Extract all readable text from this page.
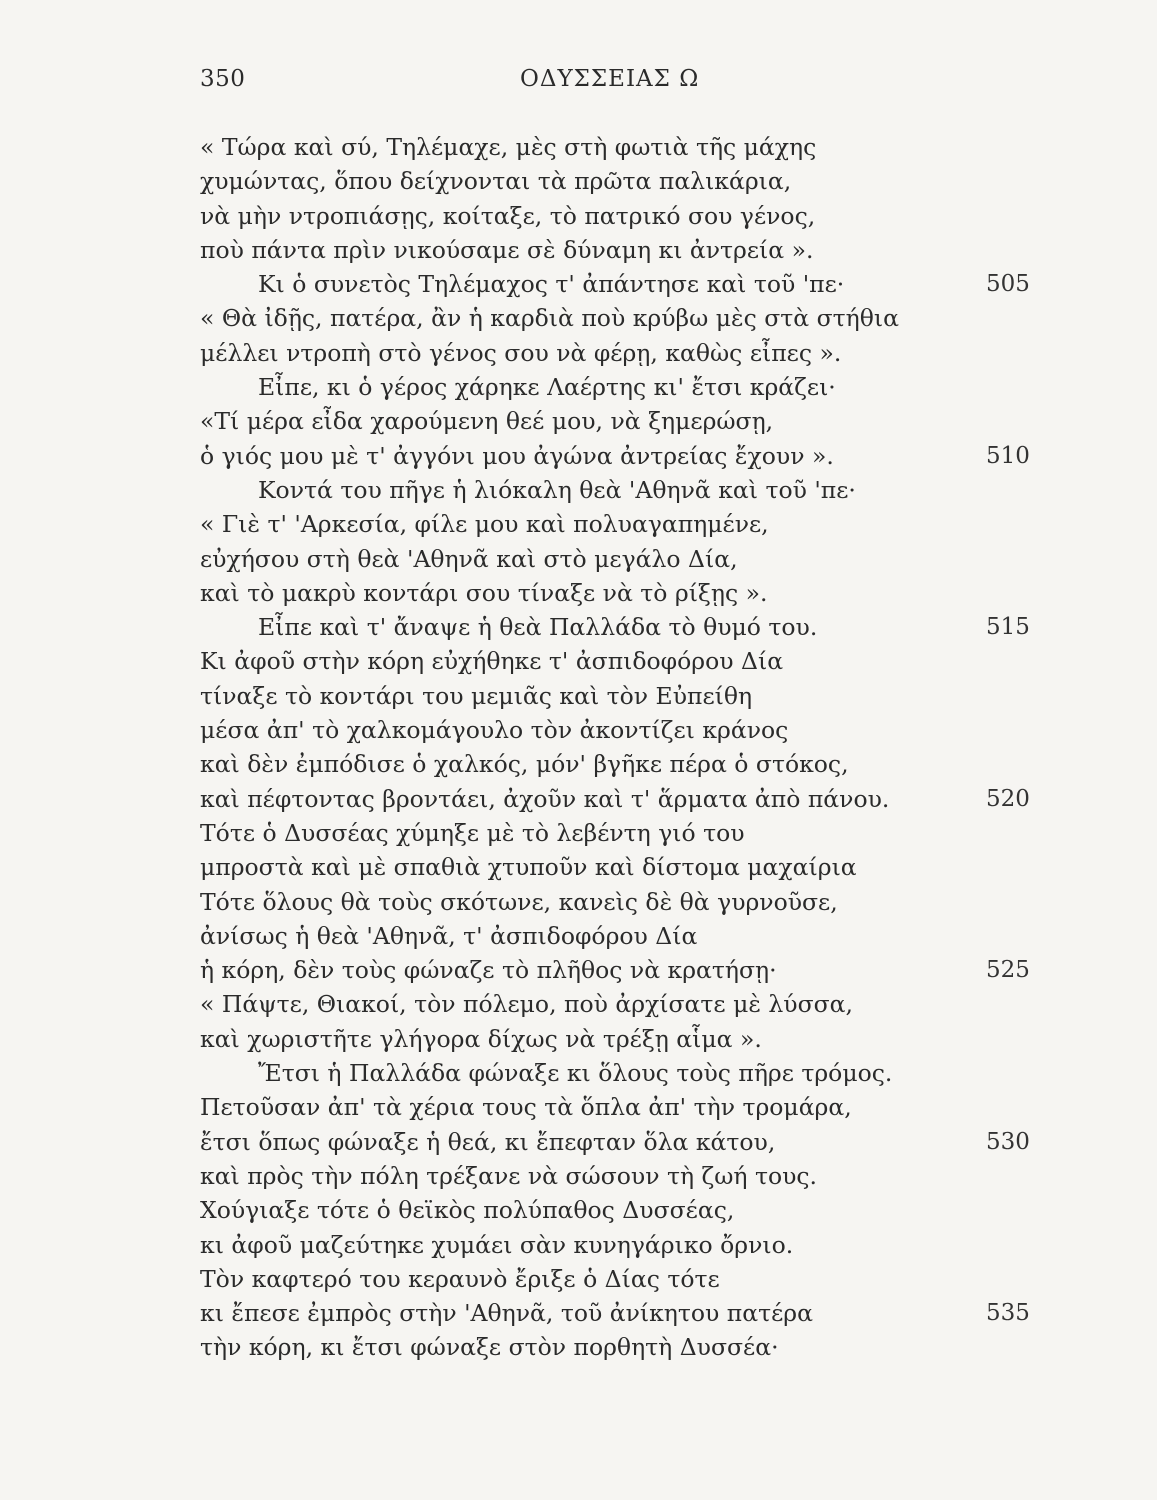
350	ΟΔΥΣΣΕΙΑΣ Ω
« Τώρα καὶ σύ, Τηλέμαχε, μὲς στὴ φωτιὰ τῆς μάχης
χυμώντας, ὅπου δείχνονται τὰ πρῶτα παλικάρια,
νὰ μὴν ντροπιάσῃς, κοίταξε, τὸ πατρικό σου γένος,
ποὺ πάντα πρὶν νικούσαμε σὲ δύναμη κι ἀντρεία ».
Κι ὁ συνετὸς Τηλέμαχος τ' ἀπάντησε καὶ τοῦ 'πε·	505
« Θὰ ἰδῇς, πατέρα, ἂν ἡ καρδιὰ ποὺ κρύβω μὲς στὰ στήθια
μέλλει ντροπὴ στὸ γένος σου νὰ φέρῃ, καθὼς εἶπες ».
Εἶπε, κι ὁ γέρος χάρηκε Λαέρτης κι' ἔτσι κράζει·
«Τί μέρα εἶδα χαρούμενη θεέ μου, νὰ ξημερώσῃ,
ὁ γιός μου μὲ τ' ἀγγόνι μου ἀγώνα ἀντρείας ἔχουν ».	510
Κοντά του πῆγε ἡ λιόκαλη θεὰ 'Αθηνᾶ καὶ τοῦ 'πε·
« Γιὲ τ' 'Αρκεσία, φίλε μου καὶ πολυαγαπημένε,
εὐχήσου στὴ θεὰ 'Αθηνᾶ καὶ στὸ μεγάλο Δία,
καὶ τὸ μακρὺ κοντάρι σου τίναξε νὰ τὸ ρίξῃς ».
Εἶπε καὶ τ' ἄναψε ἡ θεὰ Παλλάδα τὸ θυμό του.	515
Κι ἀφοῦ στὴν κόρη εὐχήθηκε τ' ἀσπιδοφόρου Δία
τίναξε τὸ κοντάρι του μεμιᾶς καὶ τὸν Εὐπείθη
μέσα ἀπ' τὸ χαλκομάγουλο τὸν ἀκοντίζει κράνος
καὶ δὲν ἐμπόδισε ὁ χαλκός, μόν' βγῆκε πέρα ὁ στόκος,
καὶ πέφτοντας βροντάει, ἀχοῦν καὶ τ' ἅρματα ἀπὸ πάνου.	520
Τότε ὁ Δυσσέας χύμηξε μὲ τὸ λεβέντη γιό του
μπροστὰ καὶ μὲ σπαθιὰ χτυποῦν καὶ δίστομα μαχαίρια
Τότε ὅλους θὰ τοὺς σκότωνε, κανεὶς δὲ θὰ γυρνοῦσε,
ἀνίσως ἡ θεὰ 'Αθηνᾶ, τ' ἀσπιδοφόρου Δία
ἡ κόρη, δὲν τοὺς φώναζε τὸ πλῆθος νὰ κρατήσῃ·	525
« Πάψτε, Θιακοί, τὸν πόλεμο, ποὺ ἀρχίσατε μὲ λύσσα,
καὶ χωριστῆτε γλήγορα δίχως νὰ τρέξῃ αἷμα ».
Ἔτσι ἡ Παλλάδα φώναξε κι ὅλους τοὺς πῆρε τρόμος.
Πετοῦσαν ἀπ' τὰ χέρια τους τὰ ὅπλα ἀπ' τὴν τρομάρα,
ἔτσι ὅπως φώναξε ἡ θεά, κι ἔπεφταν ὅλα κάτου,	530
καὶ πρὸς τὴν πόλη τρέξανε νὰ σώσουν τὴ ζωή τους.
Χούγιαξε τότε ὁ θεϊκὸς πολύπαθος Δυσσέας,
κι ἀφοῦ μαζεύτηκε χυμάει σὰν κυνηγάρικο ὄρνιο.
Τὸν καφτερό του κεραυνὸ ἔριξε ὁ Δίας τότε
κι ἔπεσε ἐμπρὸς στὴν 'Αθηνᾶ, τοῦ ἀνίκητου πατέρα	535
τὴν κόρη, κι ἔτσι φώναξε στὸν πορθητὴ Δυσσέα·
